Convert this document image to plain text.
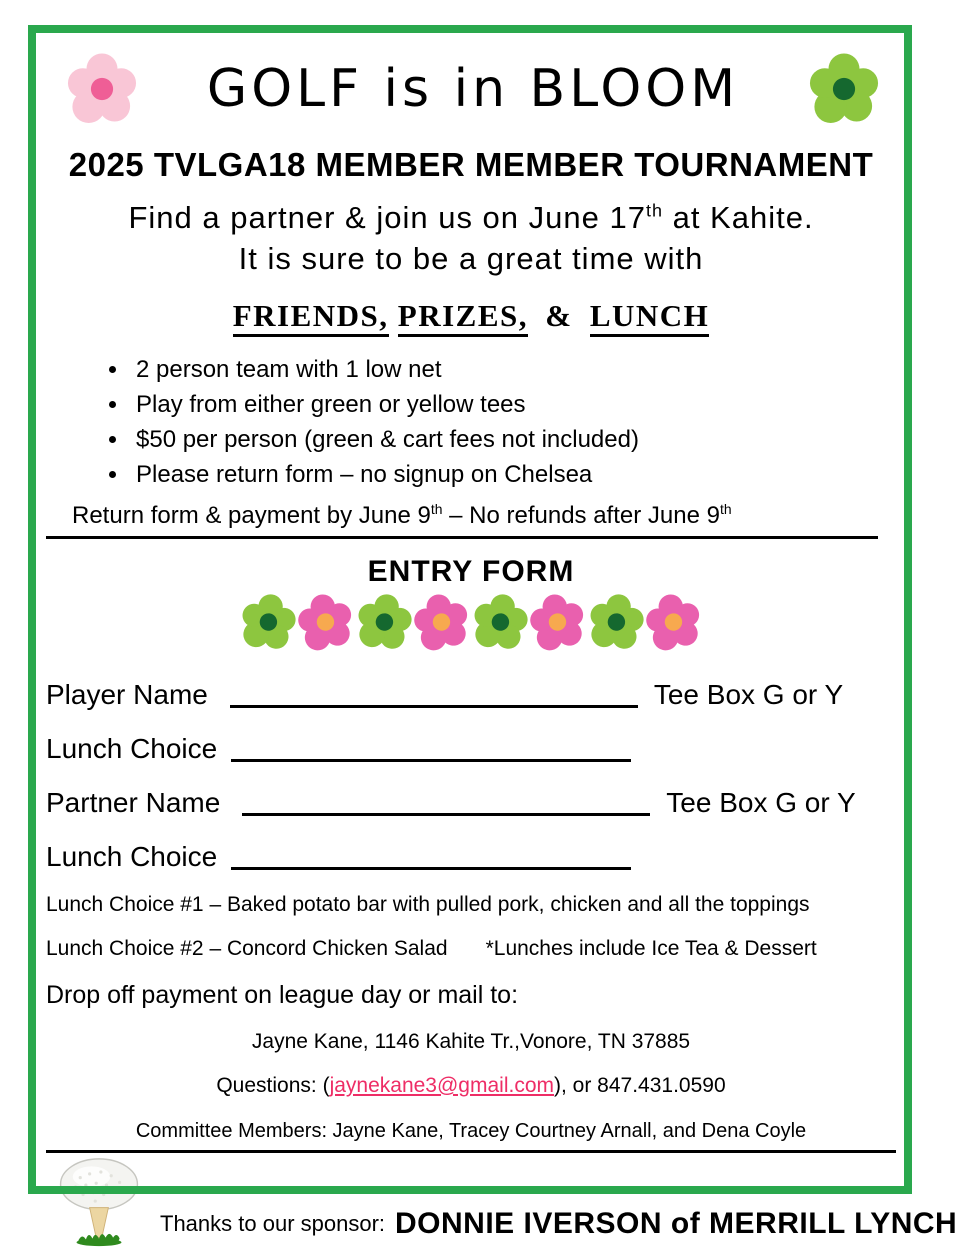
GOLF is in BLOOM
2025 TVLGA18 MEMBER MEMBER TOURNAMENT

Find a partner & join us on June 17th at Kahite.
It is sure to be a great time with

FRIENDS, PRIZES, & LUNCH

• 2 person team with 1 low net
• Play from either green or yellow tees
• $50 per person (green & cart fees not included)
• Please return form – no signup on Chelsea
Return form & payment by June 9th – No refunds after June 9th
ENTRY FORM
Player Name	Tee Box G or Y
Lunch Choice
Partner Name	Tee Box G or Y
Lunch Choice

Lunch Choice #1 – Baked potato bar with pulled pork, chicken and all the toppings

Lunch Choice #2 – Concord Chicken Salad *Lunches include Ice Tea & Dessert

Drop off payment on league day or mail to:

Jayne Kane, 1146 Kahite Tr.,Vonore, TN 37885

Questions: (jaynekane3@gmail.com), or 847.431.0590

Committee Members: Jayne Kane, Tracey Courtney Arnall, and Dena Coyle
Thanks to our sponsor: DONNIE IVERSON of MERRILL LYNCH
